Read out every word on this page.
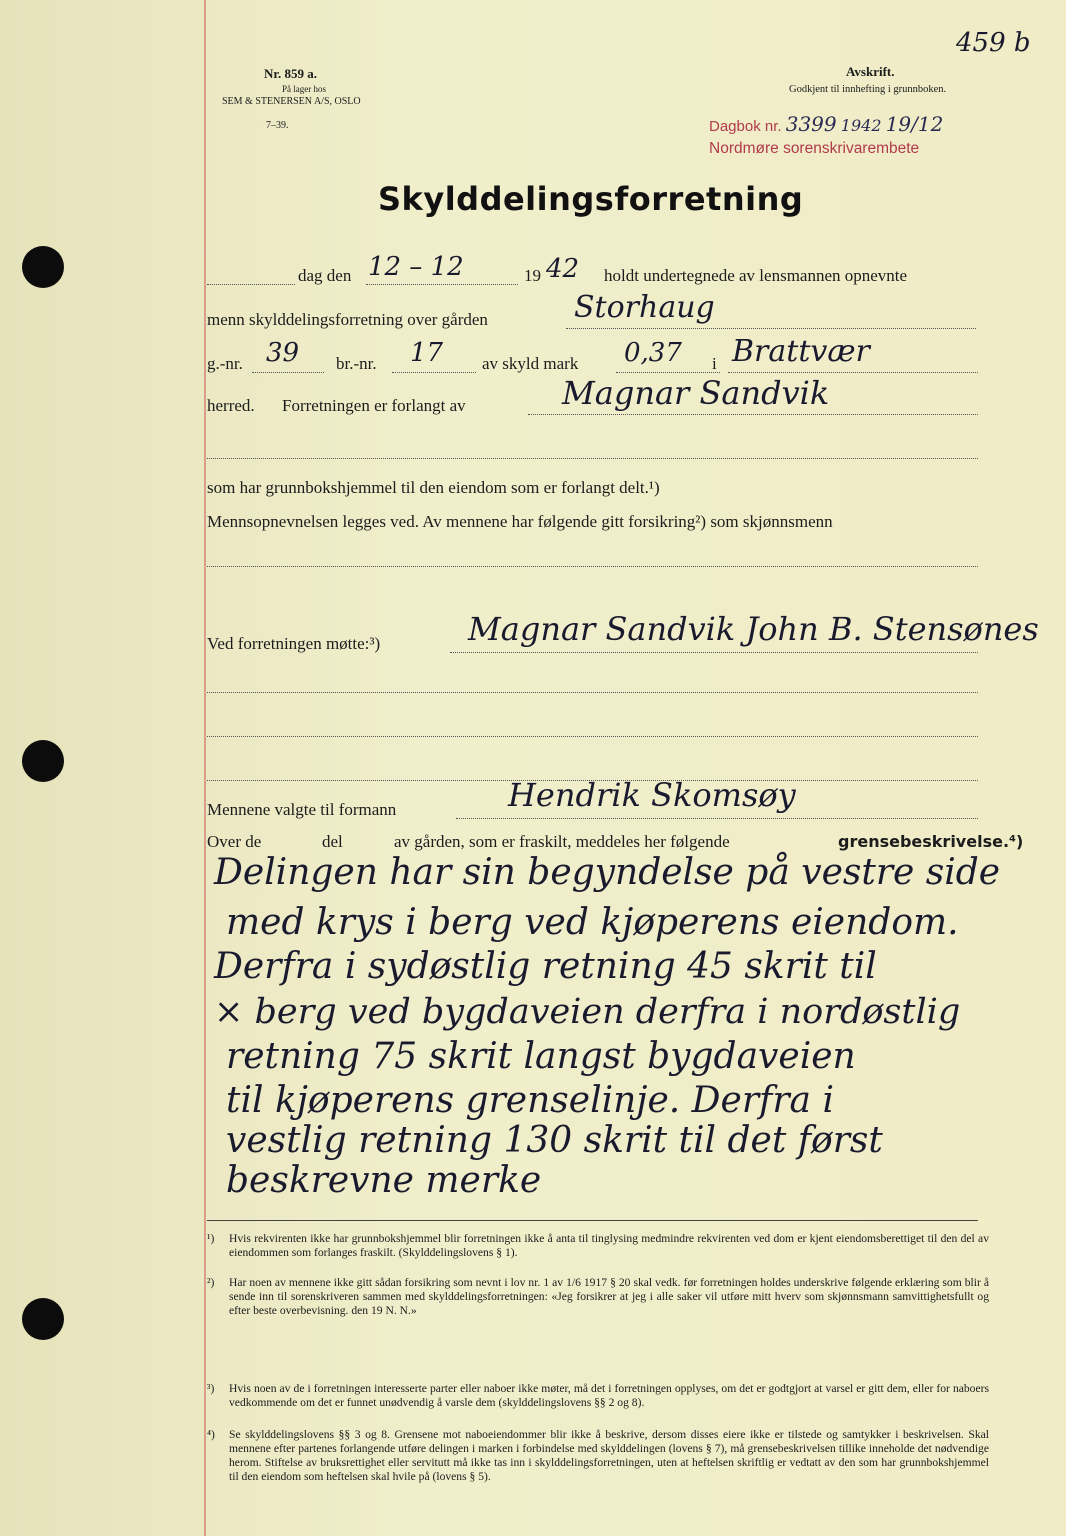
459 b
Nr. 859 a.
På lager hos
SEM & STENERSEN A/S, OSLO
7–39.
Avskrift.
Godkjent til innhefting i grunnboken.
Dagbok nr. 3399 1942 19/12
Nordmøre sorenskrivarembete
Skylddelingsforretning
dag den 12 – 12	19 42 holdt undertegnede av lensmannen opnevnte
menn skylddelingsforretning over gården	Storhaug
g.-nr. 39 br.-nr. 17 av skyld mark 0,37 i Brattvær
herred. Forretningen er forlangt av	Magnar Sandvik
som har grunnbokshjemmel til den eiendom som er forlangt delt.¹)
Mennsopnevnelsen legges ved. Av mennene har følgende gitt forsikring²) som skjønnsmenn
Ved forretningen møtte:³)	Magnar Sandvik John B. Stensønes
Mennene valgte til formann	Hendrik Skomsøy
Over de	del	av gården, som er fraskilt, meddeles her følgende	grensebeskrivelse.⁴)
Delingen har sin begyndelse på vestre side
med krys i berg ved kjøperens eiendom.
Derfra i sydøstlig retning 45 skrit til
× berg ved bygdaveien derfra i nordøstlig
retning 75 skrit langst bygdaveien
til kjøperens grenselinje. Derfra i
vestlig retning 130 skrit til det først
beskrevne merke
¹) Hvis rekvirenten ikke har grunnbokshjemmel blir forretningen ikke å anta til tinglysing medmindre rekvirenten ved dom er kjent eiendomsberettiget til den del av eiendommen som forlanges fraskilt. (Skylddelingslovens § 1).
²) Har noen av mennene ikke gitt sådan forsikring som nevnt i lov nr. 1 av 1/6 1917 § 20 skal vedk. før forretningen holdes underskrive følgende erklæring som blir å sende inn til sorenskriveren sammen med skylddelingsforretningen: «Jeg forsikrer at jeg i alle saker vil utføre mitt hverv som skjønnsmann samvittighetsfullt og efter beste overbevisning. den 19 N. N.»
³) Hvis noen av de i forretningen interesserte parter eller naboer ikke møter, må det i forretningen opplyses, om det er godtgjort at varsel er gitt dem, eller for naboers vedkommende om det er funnet unødvendig å varsle dem (skylddelingslovens §§ 2 og 8).
⁴) Se skylddelingslovens §§ 3 og 8. Grensene mot naboeiendommer blir ikke å beskrive, dersom disses eiere ikke er tilstede og samtykker i beskrivelsen. Skal mennene efter partenes forlangende utføre delingen i marken i forbindelse med skylddelingen (lovens § 7), må grensebeskrivelsen tillike inneholde det nødvendige herom. Stiftelse av bruksrettighet eller servitutt må ikke tas inn i skylddelingsforretningen, uten at heftelsen skriftlig er vedtatt av den som har grunnbokshjemmel til den eiendom som heftelsen skal hvile på (lovens § 5).
